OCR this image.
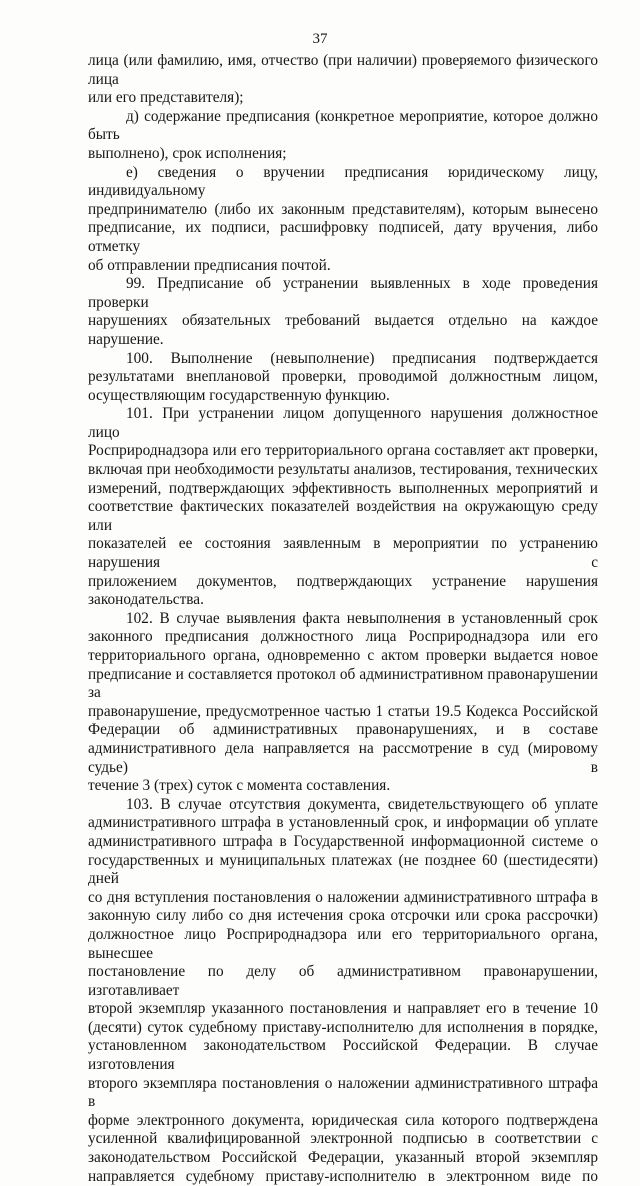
37

лица (или фамилию, имя, отчество (при наличии) проверяемого физического лица

или его представителя);

д) содержание предписания (конкретное мероприятие, которое должно быть

выполнено), срок исполнения;

е) сведения о вручении предписания юридическому лицу, индивидуальному

предпринимателю (либо их законным представителям), которым вынесено

предписание, их подписи, расшифровку подписей, дату вручения, либо отметку

об отправлении предписания почтой.

99. Предписание об устранении выявленных в ходе проведения проверки

нарушениях обязательных требований выдается отдельно на каждое нарушение.

100. Выполнение (невыполнение) предписания подтверждается

результатами внеплановой проверки, проводимой должностным лицом,

осуществляющим государственную функцию.

101. При устранении лицом допущенного нарушения должностное лицо

Росприроднадзора или его территориального органа составляет акт проверки,

включая при необходимости результаты анализов, тестирования, технических

измерений, подтверждающих эффективность выполненных мероприятий и

соответствие фактических показателей воздействия на окружающую среду или

показателей ее состояния заявленным в мероприятии по устранению нарушения с

приложением документов, подтверждающих устранение нарушения

законодательства.

102. В случае выявления факта невыполнения в установленный срок

законного предписания должностного лица Росприроднадзора или его

территориального органа, одновременно с актом проверки выдается новое

предписание и составляется протокол об административном правонарушении за

правонарушение, предусмотренное частью 1 статьи 19.5 Кодекса Российской

Федерации об административных правонарушениях, и в составе

административного дела направляется на рассмотрение в суд (мировому судье) в

течение 3 (трех) суток с момента составления.

103. В случае отсутствия документа, свидетельствующего об уплате

административного штрафа в установленный срок, и информации об уплате

административного штрафа в Государственной информационной системе о

государственных и муниципальных платежах (не позднее 60 (шестидесяти) дней

со дня вступления постановления о наложении административного штрафа в

законную силу либо со дня истечения срока отсрочки или срока рассрочки)

должностное лицо Росприроднадзора или его территориального органа, вынесшее

постановление по делу об административном правонарушении, изготавливает

второй экземпляр указанного постановления и направляет его в течение 10

(десяти) суток судебному приставу-исполнителю для исполнения в порядке,

установленном законодательством Российской Федерации. В случае изготовления

второго экземпляра постановления о наложении административного штрафа в

форме электронного документа, юридическая сила которого подтверждена

усиленной квалифицированной электронной подписью в соответствии с

законодательством Российской Федерации, указанный второй экземпляр

направляется судебному приставу-исполнителю в электронном виде по
